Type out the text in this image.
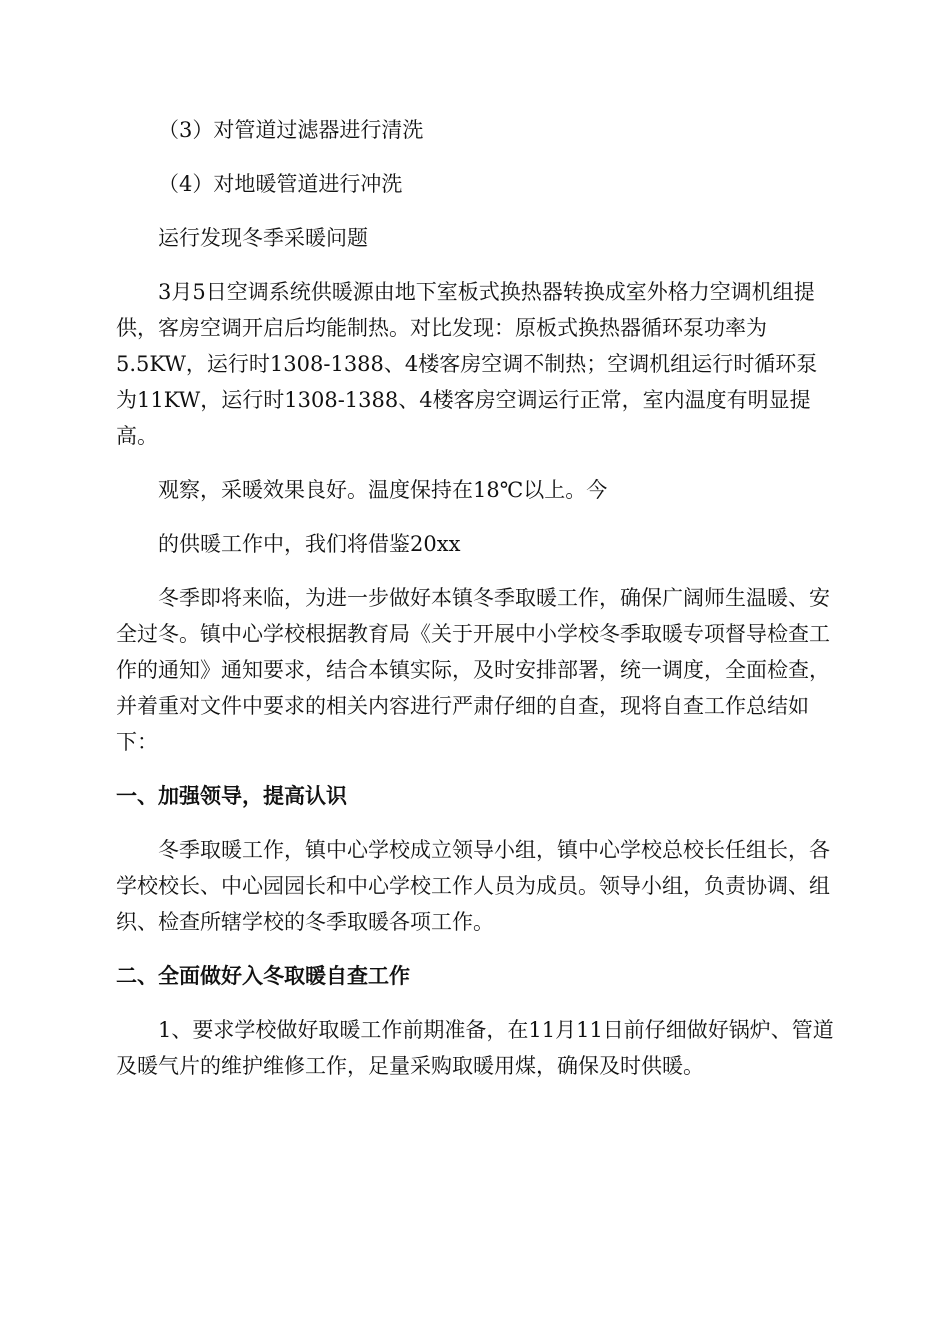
（3）对管道过滤器进行清洗

（4）对地暖管道进行冲洗

运行发现冬季采暖问题

3月5日空调系统供暖源由地下室板式换热器转换成室外格力空调机组提供，客房空调开启后均能制热。对比发现：原板式换热器循环泵功率为5.5KW，运行时1308-1388、4楼客房空调不制热；空调机组运行时循环泵为11KW，运行时1308-1388、4楼客房空调运行正常，室内温度有明显提高。

观察，采暖效果良好。温度保持在18℃以上。今

的供暖工作中，我们将借鉴20xx

冬季即将来临，为进一步做好本镇冬季取暖工作，确保广阔师生温暖、安全过冬。镇中心学校根据教育局《关于开展中小学校冬季取暖专项督导检查工作的通知》通知要求，结合本镇实际，及时安排部署，统一调度，全面检查，并着重对文件中要求的相关内容进行严肃仔细的自查，现将自查工作总结如下：

一、加强领导，提高认识

冬季取暖工作，镇中心学校成立领导小组，镇中心学校总校长任组长，各学校校长、中心园园长和中心学校工作人员为成员。领导小组，负责协调、组织、检查所辖学校的冬季取暖各项工作。

二、全面做好入冬取暖自查工作

1、要求学校做好取暖工作前期准备，在11月11日前仔细做好锅炉、管道及暖气片的维护维修工作，足量采购取暖用煤，确保及时供暖。
